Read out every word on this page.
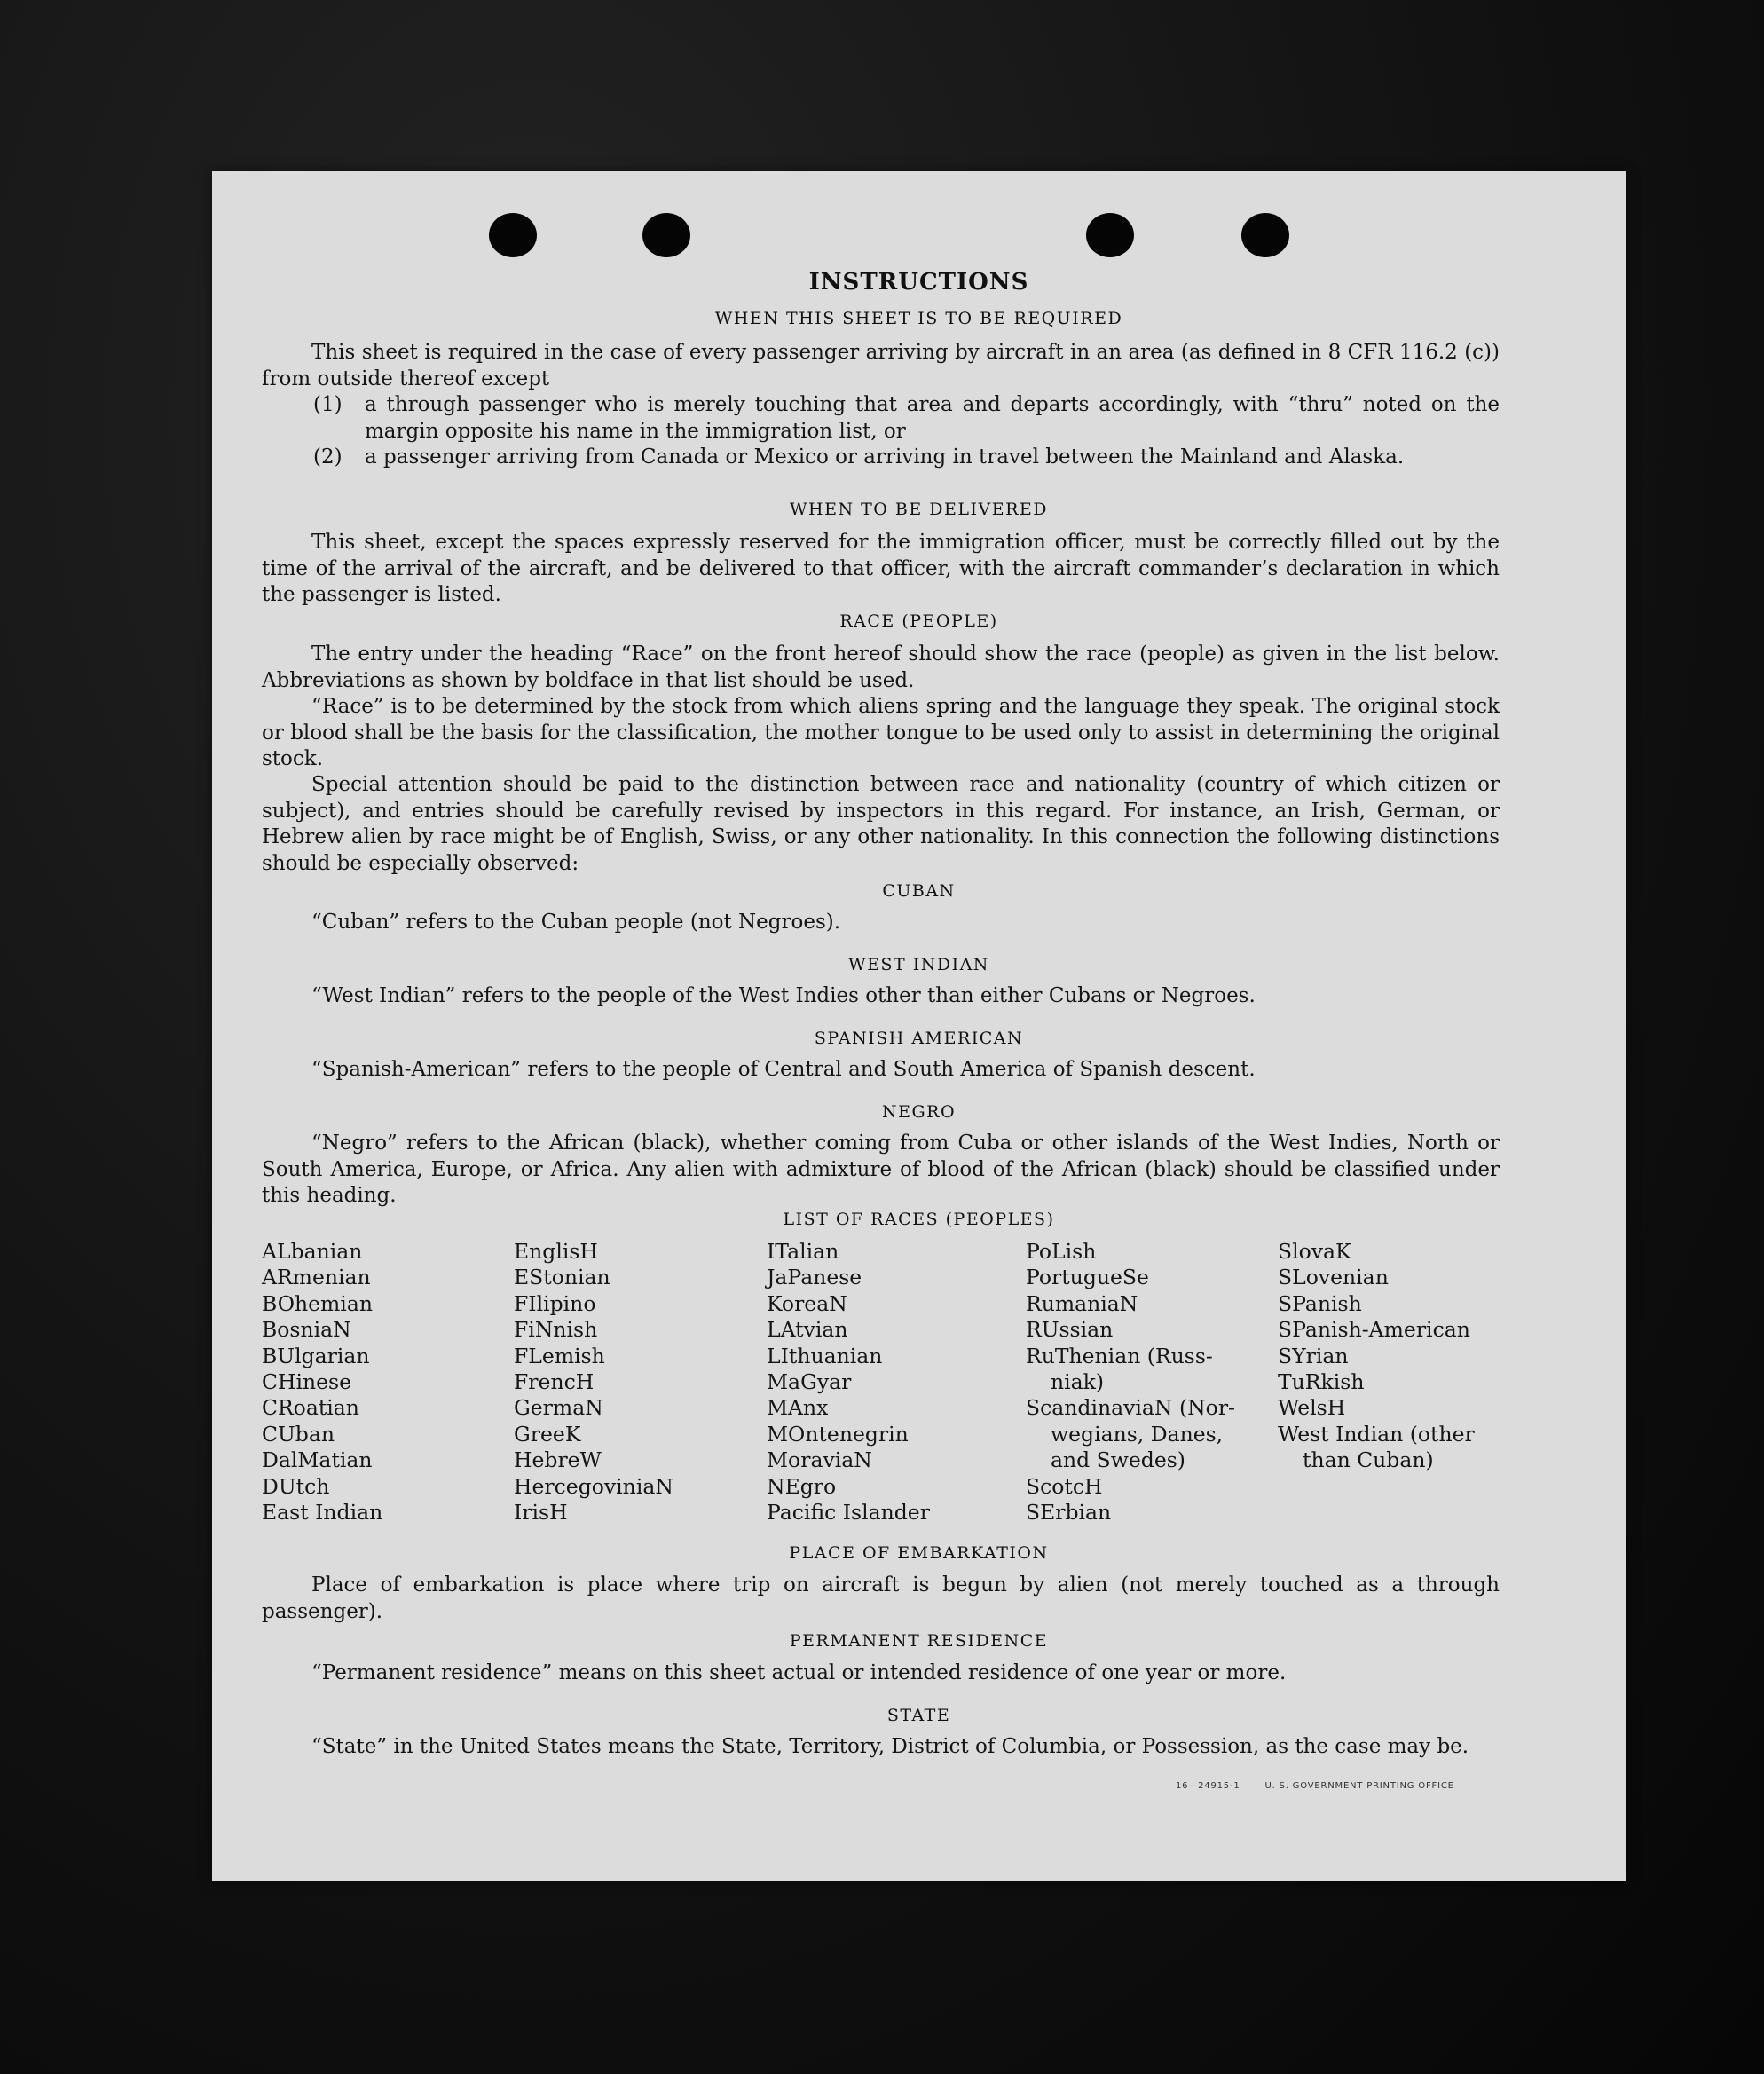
INSTRUCTIONS
WHEN THIS SHEET IS TO BE REQUIRED
This sheet is required in the case of every passenger arriving by aircraft in an area (as defined in 8 CFR 116.2 (c)) from outside thereof except
(1) a through passenger who is merely touching that area and departs accordingly, with “thru” noted on the margin opposite his name in the immigration list, or
(2) a passenger arriving from Canada or Mexico or arriving in travel between the Mainland and Alaska.
WHEN TO BE DELIVERED
This sheet, except the spaces expressly reserved for the immigration officer, must be correctly filled out by the time of the arrival of the aircraft, and be delivered to that officer, with the aircraft commander’s declaration in which the passenger is listed.
RACE (PEOPLE)
The entry under the heading “Race” on the front hereof should show the race (people) as given in the list below. Abbreviations as shown by boldface in that list should be used.
“Race” is to be determined by the stock from which aliens spring and the language they speak. The original stock or blood shall be the basis for the classification, the mother tongue to be used only to assist in determining the original stock.
Special attention should be paid to the distinction between race and nationality (country of which citizen or subject), and entries should be carefully revised by inspectors in this regard. For instance, an Irish, German, or Hebrew alien by race might be of English, Swiss, or any other nationality. In this connection the following distinctions should be especially observed:
CUBAN
“Cuban” refers to the Cuban people (not Negroes).
WEST INDIAN
“West Indian” refers to the people of the West Indies other than either Cubans or Negroes.
SPANISH AMERICAN
“Spanish-American” refers to the people of Central and South America of Spanish descent.
NEGRO
“Negro” refers to the African (black), whether coming from Cuba or other islands of the West Indies, North or South America, Europe, or Africa. Any alien with admixture of blood of the African (black) should be classified under this heading.
LIST OF RACES (PEOPLES)
ALbanian
ARmenian
BOhemian
BosniaN
BUlgarian
CHinese
CRoatian
CUban
DalMatian
DUtch
East Indian
EnglisH
EStonian
FIlipino
FiNnish
FLemish
FrencH
GermaN
GreeK
HebreW
HercegoviniaN
IrisH
ITalian
JaPanese
KoreaN
LAtvian
LIthuanian
MaGyar
MAnx
MOntenegrin
MoraviaN
NEgro
Pacific Islander
PoLish
PortugueSe
RumaniaN
RUssian
RuThenian (Russ-
niak)
ScandinaviaN (Nor-
wegians, Danes,
and Swedes)
ScotcH
SErbian
SlovaK
SLovenian
SPanish
SPanish-American
SYrian
TuRkish
WelsH
West Indian (other
than Cuban)
PLACE OF EMBARKATION
Place of embarkation is place where trip on aircraft is begun by alien (not merely touched as a through passenger).
PERMANENT RESIDENCE
“Permanent residence” means on this sheet actual or intended residence of one year or more.
STATE
“State” in the United States means the State, Territory, District of Columbia, or Possession, as the case may be.
16—24915-1	U. S. GOVERNMENT PRINTING OFFICE
